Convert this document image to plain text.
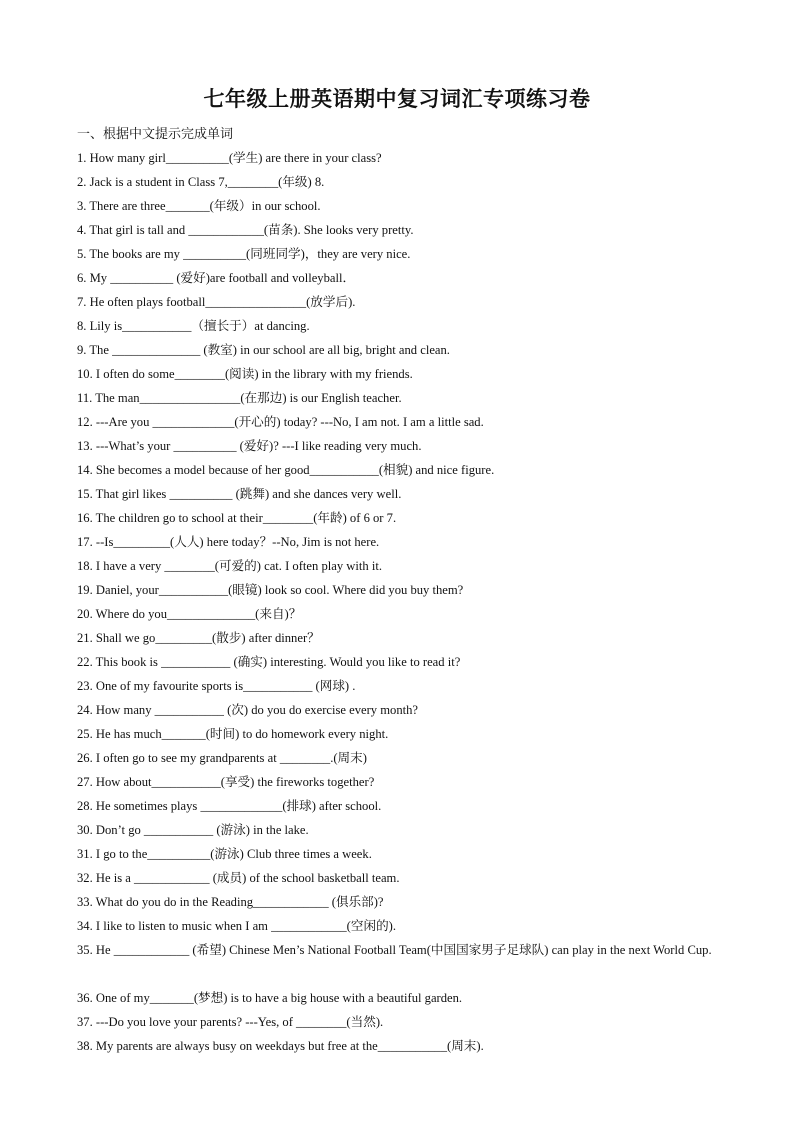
七年级上册英语期中复习词汇专项练习卷
一、根据中文提示完成单词
1. How many girl__________(学生) are there in your class?
2. Jack is a student in Class 7,________(年级) 8.
3. There are three_______(年级）in our school.
4. That girl is tall and ____________(苗条). She looks very pretty.
5. The books are my __________(同班同学)，they are very nice.
6. My __________ (爱好)are football and volleyball．
7. He often plays football________________(放学后).
8. Lily is___________（擅长于）at dancing.
9. The ______________ (教室) in our school are all big, bright and clean.
10. I often do some________(阅读) in the library with my friends.
11. The man________________(在那边) is our English teacher.
12. ---Are you _____________(开心的) today? ---No, I am not. I am a little sad.
13. ---What’s your __________ (爱好)? ---I like reading very much.
14. She becomes a model because of her good___________(相貌) and nice figure.
15. That girl likes __________ (跳舞) and she dances very well.
16. The children go to school at their________(年龄) of 6 or 7.
17. --Is_________(人人) here today？--No, Jim is not here.
18. I have a very ________(可爱的) cat. I often play with it.
19. Daniel, your___________(眼镜) look so cool. Where did you buy them?
20. Where do you______________(来自)？
21. Shall we go_________(散步) after dinner？
22. This book is ___________ (确实) interesting. Would you like to read it?
23. One of my favourite sports is___________ (网球) .
24. How many ___________ (次) do you do exercise every month?
25. He has much_______(时间) to do homework every night.
26. I often go to see my grandparents at ________.(周末)
27. How about___________(享受) the fireworks together?
28. He sometimes plays _____________(排球) after school.
30. Don’t go ___________ (游泳) in the lake.
31. I go to the__________(游泳) Club three times a week.
32. He is a ____________ (成员) of the school basketball team.
33. What do you do in the Reading____________ (俱乐部)?
34. I like to listen to music when I am ____________(空闲的).
35. He ____________ (希望) Chinese Men’s National Football Team(中国国家男子足球队) can play in the next World Cup.
36. One of my_______(梦想) is to have a big house with a beautiful garden.
37. ---Do you love your parents? ---Yes, of ________(当然).
38. My parents are always busy on weekdays but free at the___________(周末).
